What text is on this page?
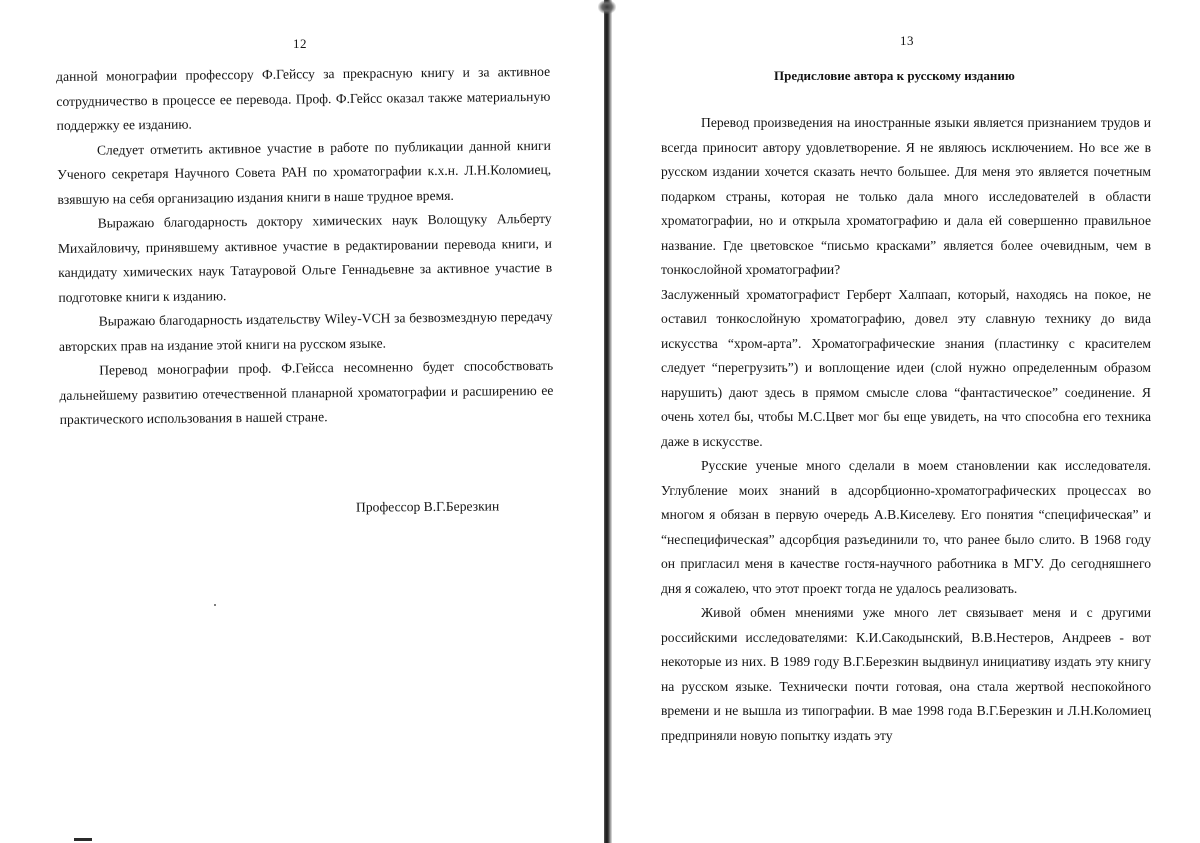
12

данной монографии профессору Ф.Гейссу за прекрасную книгу и за активное сотрудничество в процессе ее перевода. Проф. Ф.Гейсс оказал также материальную поддержку ее изданию.

Следует отметить активное участие в работе по публикации данной книги Ученого секретаря Научного Совета РАН по хроматографии к.х.н. Л.Н.Коломиец, взявшую на себя организацию издания книги в наше трудное время.

Выражаю благодарность доктору химических наук Волощуку Альберту Михайловичу, принявшему активное участие в редактировании перевода книги, и кандидату химических наук Татауровой Ольге Геннадьевне за активное участие в подготовке книги к изданию.

Выражаю благодарность издательству Wiley-VCH за безвозмездную передачу авторских прав на издание этой книги на русском языке.

Перевод монографии проф. Ф.Гейсса несомненно будет способствовать дальнейшему развитию отечественной планарной хроматографии и расширению ее практического использования в нашей стране.

Профессор В.Г.Березкин
13
Предисловие автора к русскому изданию

Перевод произведения на иностранные языки является признанием трудов и всегда приносит автору удовлетворение. Я не являюсь исключением. Но все же в русском издании хочется сказать нечто большее. Для меня это является почетным подарком страны, которая не только дала много исследователей в области хроматографии, но и открыла хроматографию и дала ей совершенно правильное название. Где цветовское “письмо красками” является более очевидным, чем в тонкослойной хроматографии?

Заслуженный хроматографист Герберт Халпаап, который, находясь на покое, не оставил тонкослойную хроматографию, довел эту славную технику до вида искусства “хром-арта”. Хроматографические знания (пластинку с красителем следует “перегрузить”) и воплощение идеи (слой нужно определенным образом нарушить) дают здесь в прямом смысле слова “фантастическое” соединение. Я очень хотел бы, чтобы М.С.Цвет мог бы еще увидеть, на что способна его техника даже в искусстве.

Русские ученые много сделали в моем становлении как исследователя. Углубление моих знаний в адсорбционно-хроматографических процессах во многом я обязан в первую очередь А.В.Киселеву. Его понятия “специфическая” и “неспецифическая” адсорбция разъединили то, что ранее было слито. В 1968 году он пригласил меня в качестве гостя-научного работника в МГУ. До сегодняшнего дня я сожалею, что этот проект тогда не удалось реализовать.

Живой обмен мнениями уже много лет связывает меня и с другими российскими исследователями: К.И.Сакодынский, В.В.Нестеров, Андреев - вот некоторые из них. В 1989 году В.Г.Березкин выдвинул инициативу издать эту книгу на русском языке. Технически почти готовая, она стала жертвой неспокойного времени и не вышла из типографии. В мае 1998 года В.Г.Березкин и Л.Н.Коломиец предприняли новую попытку издать эту
